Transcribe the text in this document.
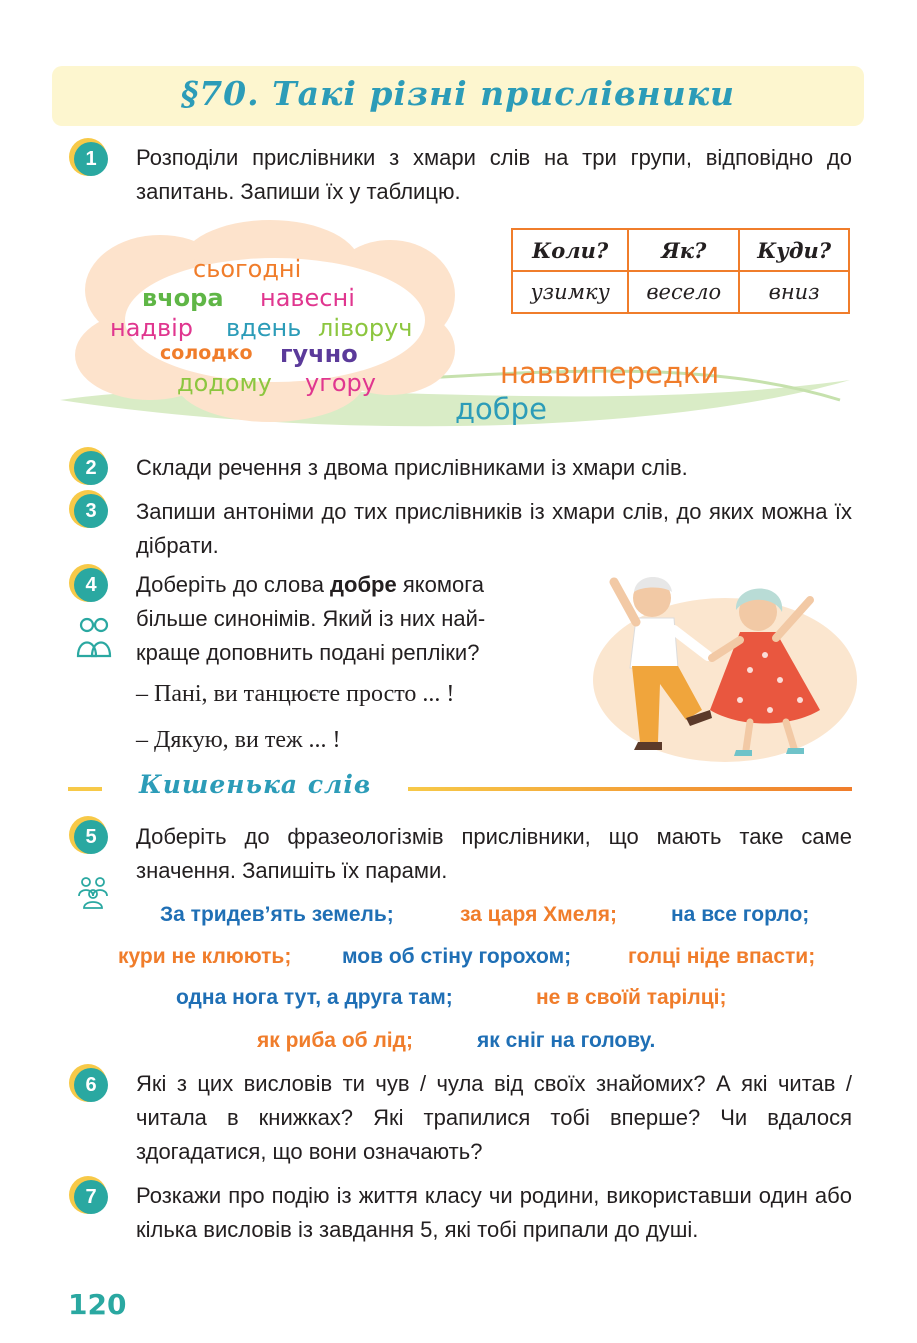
§70. Такі різні прислівники
1	Розподіли прислівники з хмари слів на три групи, відповідно до запитань. Запиши їх у таблицю.
сьогодні
вчора навесні
надвір вдень ліворуч
солодко гучно
додому угору	наввипередки
добре
Коли?	Як?	Куди?
узимку	весело	вниз
2	Склади речення з двома прислівниками із хмари слів.
3	Запиши антоніми до тих прислівників із хмари слів, до яких можна їх дібрати.
4	Доберіть до слова добре якомога
більше синонімів. Який із них най-
краще доповнить подані репліки?
– Пані, ви танцюєте просто ... !
– Дякую, ви теж ... !
Кишенька слів
5	Доберіть до фразеологізмів прислівники, що мають таке саме значення. Запишіть їх парами.
За тридев’ять земель;	за царя Хмеля;	на все горло;
кури не клюють; мов об стіну горохом;	голці ніде впасти;
одна нога тут, а друга там;	не в своїй тарілці;
як риба об лід;	як сніг на голову.
6	Які з цих висловів ти чув / чула від своїх знайомих? А які читав / читала в книжках? Які трапилися тобі вперше? Чи вдалося здогадатися, що вони означають?
7	Розкажи про подію із життя класу чи родини, використавши один або кілька висловів із завдання 5, які тобі припали до душі.
120
